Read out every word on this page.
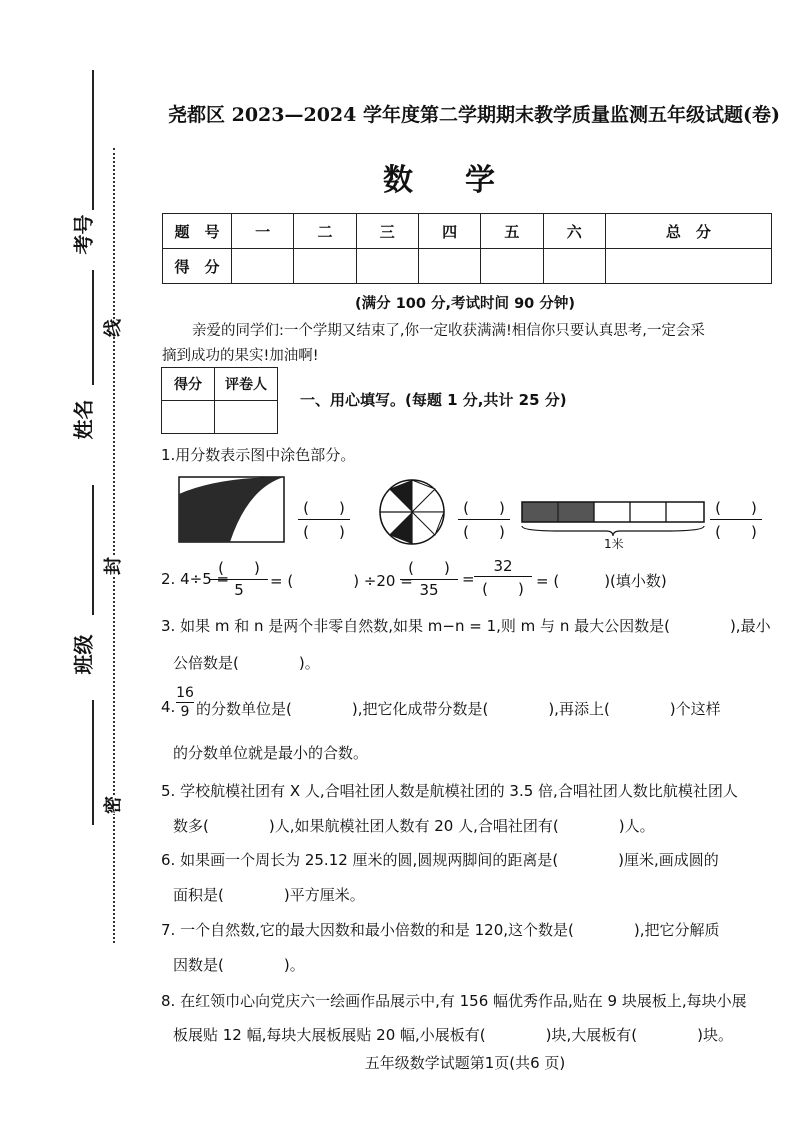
考号
姓名
班级
线
封
密
尧都区 2023—2024 学年度第二学期期末教学质量监测五年级试题(卷)
数学
题　号	一	二	三	四	五	六	总　分
得　分							
(满分 100 分,考试时间 90 分钟)
亲爱的同学们:一个学期又结束了,你一定收获满满!相信你只要认真思考,一定会采
摘到成功的果实!加油啊!
得分	评卷人

一、用心填写。(每题 1 分,共计 25 分)
1.用分数表示图中涂色部分。
(　　)
(　　)
(　　)
(　　)
1米
(　　)
(　　)
2. 4÷5 =
(　　)
5	= (　　　　) ÷20 =
(　　)
35
=
32
(　　) = (　　　)(填小数)
3. 如果 m 和 n 是两个非零自然数,如果 m−n = 1,则 m 与 n 最大公因数是(　　　　),最小
公倍数是(　　　　)。
4.
16
9 的分数单位是(　　　　),把它化成带分数是(　　　　),再添上(　　　　)个这样
的分数单位就是最小的合数。
5. 学校航模社团有 X 人,合唱社团人数是航模社团的 3.5 倍,合唱社团人数比航模社团人
数多(　　　　)人,如果航模社团人数有 20 人,合唱社团有(　　　　)人。
6. 如果画一个周长为 25.12 厘米的圆,圆规两脚间的距离是(　　　　)厘米,画成圆的
面积是(　　　　)平方厘米。
7. 一个自然数,它的最大因数和最小倍数的和是 120,这个数是(　　　　),把它分解质
因数是(　　　　)。
8. 在红领巾心向党庆六一绘画作品展示中,有 156 幅优秀作品,贴在 9 块展板上,每块小展
板展贴 12 幅,每块大展板展贴 20 幅,小展板有(　　　　)块,大展板有(　　　　)块。
五年级数学试题第1页(共6 页)
